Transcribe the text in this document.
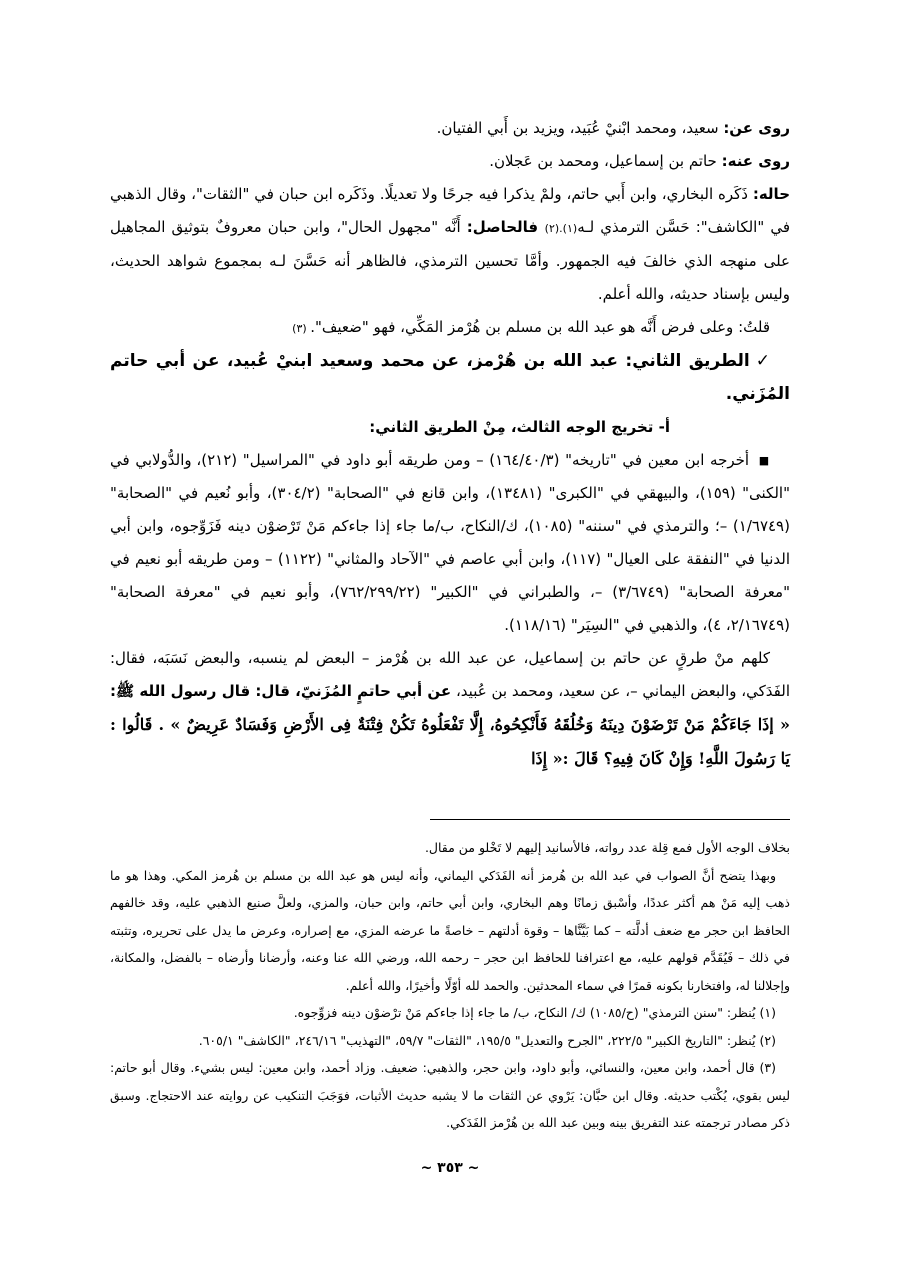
روى عن: سعيد، ومحمد ابْنيْ عُبَيد، ويزيد بن أَبي الفتيان.

روى عنه: حاتم بن إسماعيل، ومحمد بن عَجلان.

حاله: ذَكَره البخاري، وابن أَبي حاتم، ولمْ يذكرا فيه جرحًا ولا تعديلًا. وذَكَره ابن حبان في "الثقات"، وقال الذهبي في "الكاشف": حَسَّن الترمذي لـه(١).(٢) فالحاصل: أَنَّه "مجهول الحال"، وابن حبان معروفٌ بتوثيق المجاهيل على منهجه الذي خالفَ فيه الجمهور. وأمَّا تحسين الترمذي، فالظاهر أنه حَسَّنَ لـه بمجموع شواهد الحديث، وليس بإسناد حديثه، والله أعلم.

قلتُ: وعلى فرض أَنَّه هو عبد الله بن مسلم بن هُرْمز المَكِّي، فهو "ضعيف". (٣)

✓الطريق الثاني: عبد الله بن هُرْمز، عن محمد وسعيد ابنيْ عُبيد، عن أبي حاتم المُزَني.

أ- تخريج الوجه الثالث، مِنْ الطريق الثاني:

■ أخرجه ابن معين في "تاريخه" (١٦٤/٤٠/٣) – ومن طريقه أبو داود في "المراسيل" (٢١٢)، والدُّولابي في "الكنى" (١٥٩)، والبيهقي في "الكبرى" (١٣٤٨١)، وابن قانع في "الصحابة" (٣٠٤/٢)، وأبو نُعيم في "الصحابة" (١/٦٧٤٩) –؛ والترمذي في "سننه" (١٠٨٥)، ك/النكاح، ب/ما جاء إذا جاءكم مَنْ تَرْضوْن دينه فَزَوِّجوه، وابن أبي الدنيا في "النفقة على العيال" (١١٧)، وابن أبي عاصم في "الآحاد والمثاني" (١١٢٢) – ومن طريقه أبو نعيم في "معرفة الصحابة" (٣/٦٧٤٩) –، والطبراني في "الكبير" (٧٦٢/٢٩٩/٢٢)، وأبو نعيم في "معرفة الصحابة" (٢/١٦٧٤٩، ٤)، والذهبي في "السِيَر" (١١٨/١٦).

كلهم منْ طرقٍ عن حاتم بن إسماعيل، عن عبد الله بن هُرْمز – البعض لم ينسبه، والبعض نَسَبَه، فقال: الفَدَكي، والبعض اليماني –، عن سعيد، ومحمد بن عُبيد، عن أبي حاتمٍ المُزَنيّ، قال: قال رسول الله ﷺ: « إذَا جَاءَكُمْ مَنْ تَرْضَوْنَ دِينَهُ وَخُلُقَهُ فَأَنْكِحُوهُ، إِلَّا تَفْعَلُوهُ تَكُنْ فِتْنَةٌ فِى الأَرْضِ وَفَسَادٌ عَرِيضٌ » . قَالُوا : يَا رَسُولَ اللَّهِ! وَإِنْ كَانَ فِيهِ؟ قَالَ :« إِذَا

بخلاف الوجه الأول فمع قِلة عدد رواته، فالأسانيد إليهم لا تَخْلو من مقال.

وبهذا يتضح أنَّ الصواب في عبد الله بن هُرمز أنه الفَدَكي اليماني، وأنه ليس هو عبد الله بن مسلم بن هُرمز المكي. وهذا هو ما ذهب إليه مَنْ هم أكثر عددًا، وأسْبق زمانًا وهم البخاري، وابن أبي حاتم، وابن حبان، والمزي، ولعلَّ صنيع الذهبي عليه، وقد خالفهم الحافظ ابن حجر مع ضعف أدلَّته – كما بَيَّنَّاها – وقوة أدلتهم – خاصةً ما عرضه المزي، مع إصراره، وعرض ما يدل على تحريره، وتثبته في ذلك – فَيُقَدَّم قولهم عليه، مع اعترافنا للحافظ ابن حجر – رحمه الله، ورضي الله عنا وعنه، وأرضانا وأرضاه – بالفضل، والمكانة، وإجلالنا له، وافتخارنا بكونه قمرًا في سماء المحدثين. والحمد لله أوّلًا وأخيرًا، والله أعلم.

(١) يُنظر: "سنن الترمذي" (ح/١٠٨٥) ك/ النكاح، ب/ ما جاء إذا جاءكم مَنْ ترْضوْن دينه فزوِّجوه.

(٢) يُنظر: "التاريخ الكبير" ٢٢٢/٥، "الجرح والتعديل" ١٩٥/٥، "الثقات" ٥٩/٧، "التهذيب" ٢٤٦/١٦، "الكاشف" ٦٠٥/١.

(٣) قال أحمد، وابن معين، والنسائي، وأبو داود، وابن حجر، والذهبي: ضعيف. وزاد أحمد، وابن معين: ليس بشيء. وقال أبو حاتم: ليس بقوي، يُكْتب حديثه. وقال ابن حبَّان: يَرْوي عن الثقات ما لا يشبه حديث الأثبات، فوَجَبَ التنكيب عن روايته عند الاحتجاج. وسبق ذكر مصادر ترجمته عند التفريق بينه وبين عبد الله بن هُرْمز الفَدَكي.

~ ٣٥٣ ~
